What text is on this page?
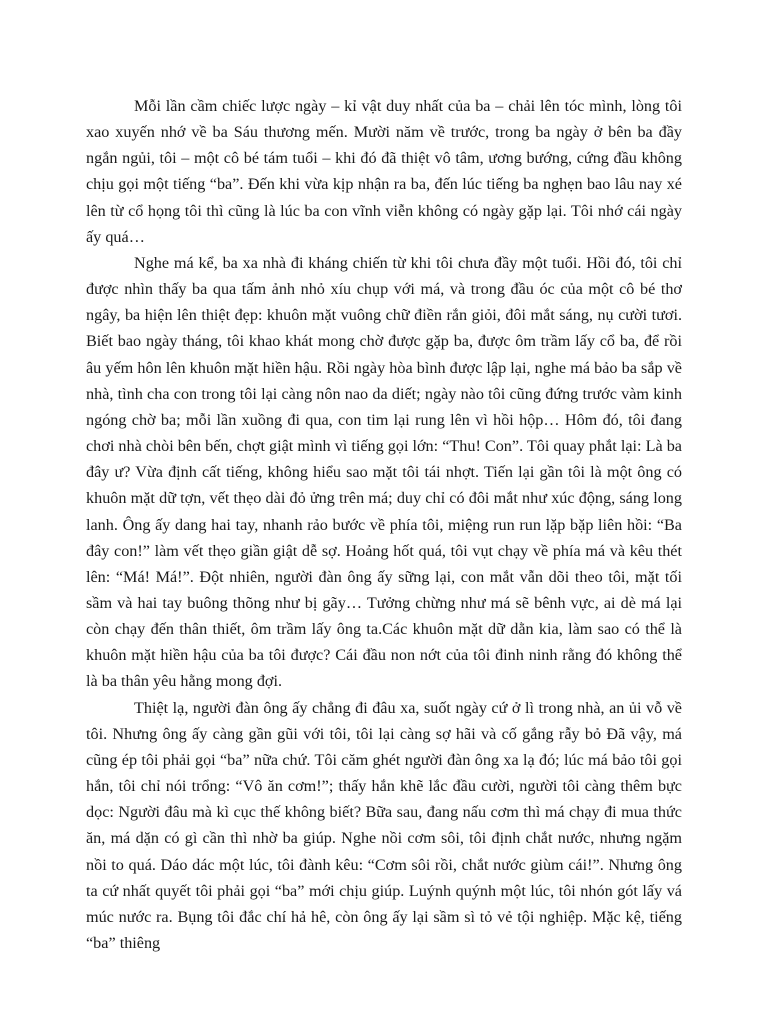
Mỗi lần cầm chiếc lược ngày – kỉ vật duy nhất của ba – chải lên tóc mình, lòng tôi xao xuyến nhớ về ba Sáu thương mến. Mười năm về trước, trong ba ngày ở bên ba đầy ngắn ngủi, tôi – một cô bé tám tuổi – khi đó đã thiệt vô tâm, ương bướng, cứng đầu không chịu gọi một tiếng “ba”. Đến khi vừa kịp nhận ra ba, đến lúc tiếng ba nghẹn bao lâu nay xé lên từ cổ họng tôi thì cũng là lúc ba con vĩnh viễn không có ngày gặp lại. Tôi nhớ cái ngày ấy quá…

Nghe má kể, ba xa nhà đi kháng chiến từ khi tôi chưa đầy một tuổi. Hồi đó, tôi chỉ được nhìn thấy ba qua tấm ảnh nhỏ xíu chụp với má, và trong đầu óc của một cô bé thơ ngây, ba hiện lên thiệt đẹp: khuôn mặt vuông chữ điền rắn giỏi, đôi mắt sáng, nụ cười tươi. Biết bao ngày tháng, tôi khao khát mong chờ được gặp ba, được ôm trầm lấy cổ ba, để rồi âu yếm hôn lên khuôn mặt hiền hậu. Rồi ngày hòa bình được lập lại, nghe má bảo ba sắp về nhà, tình cha con trong tôi lại càng nôn nao da diết; ngày nào tôi cũng đứng trước vàm kinh ngóng chờ ba; mỗi lần xuồng đi qua, con tim lại rung lên vì hồi hộp… Hôm đó, tôi đang chơi nhà chòi bên bến, chợt giật mình vì tiếng gọi lớn: “Thu! Con”. Tôi quay phắt lại: Là ba đây ư? Vừa định cất tiếng, không hiểu sao mặt tôi tái nhợt. Tiến lại gần tôi là một ông có khuôn mặt dữ tợn, vết thẹo dài đỏ ửng trên má; duy chỉ có đôi mắt như xúc động, sáng long lanh. Ông ấy dang hai tay, nhanh rảo bước về phía tôi, miệng run run lặp bặp liên hồi: “Ba đây con!” làm vết thẹo giần giật dễ sợ. Hoảng hốt quá, tôi vụt chạy về phía má và kêu thét lên: “Má! Má!”. Đột nhiên, người đàn ông ấy sững lại, con mắt vẫn dõi theo tôi, mặt tối sầm và hai tay buông thõng như bị gãy… Tưởng chừng như má sẽ bênh vực, ai dè má lại còn chạy đến thân thiết, ôm trầm lấy ông ta.Các khuôn mặt dữ dằn kia, làm sao có thể là khuôn mặt hiền hậu của ba tôi được? Cái đầu non nớt của tôi đinh ninh rằng đó không thể là ba thân yêu hằng mong đợi.

Thiệt lạ, người đàn ông ấy chẳng đi đâu xa, suốt ngày cứ ở lì trong nhà, an ủi vỗ về tôi. Nhưng ông ấy càng gần gũi với tôi, tôi lại càng sợ hãi và cố gắng rẫy bỏ Đã vậy, má cũng ép tôi phải gọi “ba” nữa chứ. Tôi căm ghét người đàn ông xa lạ đó; lúc má bảo tôi gọi hắn, tôi chỉ nói trổng: “Vô ăn cơm!”; thấy hắn khẽ lắc đầu cười, người tôi càng thêm bực dọc: Người đâu mà kì cục thế không biết? Bữa sau, đang nấu cơm thì má chạy đi mua thức ăn, má dặn có gì cần thì nhờ ba giúp. Nghe nồi cơm sôi, tôi định chắt nước, nhưng ngặm nồi to quá. Dáo dác một lúc, tôi đành kêu: “Cơm sôi rồi, chắt nước giùm cái!”. Nhưng ông ta cứ nhất quyết tôi phải gọi “ba” mới chịu giúp. Luýnh quýnh một lúc, tôi nhón gót lấy vá múc nước ra. Bụng tôi đắc chí hả hê, còn ông ấy lại sầm sì tỏ vẻ tội nghiệp. Mặc kệ, tiếng “ba” thiêng
